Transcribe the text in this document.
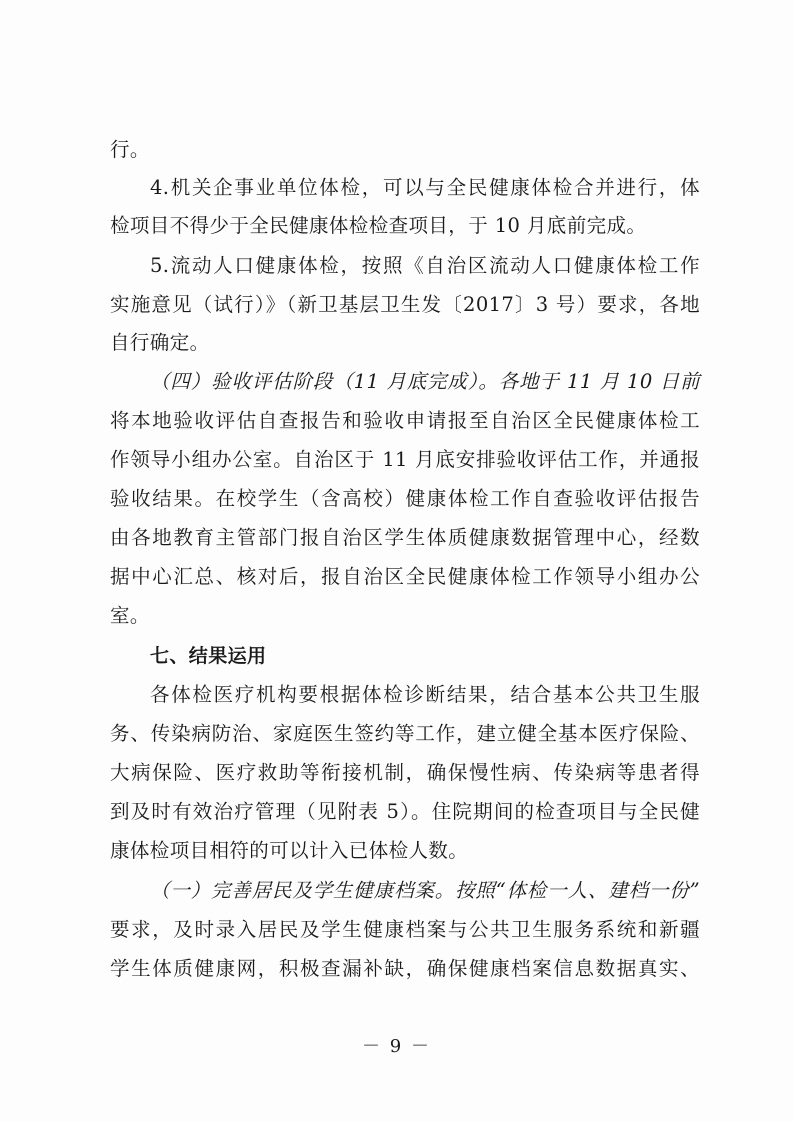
行。
4.机关企事业单位体检，可以与全民健康体检合并进行，体
检项目不得少于全民健康体检检查项目，于 10 月底前完成。
5.流动人口健康体检，按照《自治区流动人口健康体检工作
实施意见（试行）》（新卫基层卫生发〔2017〕3 号）要求，各地
自行确定。
（四）验收评估阶段（11 月底完成）。各地于 11 月 10 日前
将本地验收评估自查报告和验收申请报至自治区全民健康体检工
作领导小组办公室。自治区于 11 月底安排验收评估工作，并通报
验收结果。在校学生（含高校）健康体检工作自查验收评估报告
由各地教育主管部门报自治区学生体质健康数据管理中心，经数
据中心汇总、核对后，报自治区全民健康体检工作领导小组办公
室。
七、结果运用
各体检医疗机构要根据体检诊断结果，结合基本公共卫生服
务、传染病防治、家庭医生签约等工作，建立健全基本医疗保险、
大病保险、医疗救助等衔接机制，确保慢性病、传染病等患者得
到及时有效治疗管理（见附表 5）。住院期间的检查项目与全民健
康体检项目相符的可以计入已体检人数。
（一）完善居民及学生健康档案。按照“体检一人、建档一份”
要求，及时录入居民及学生健康档案与公共卫生服务系统和新疆
学生体质健康网，积极查漏补缺，确保健康档案信息数据真实、
－ 9 －
